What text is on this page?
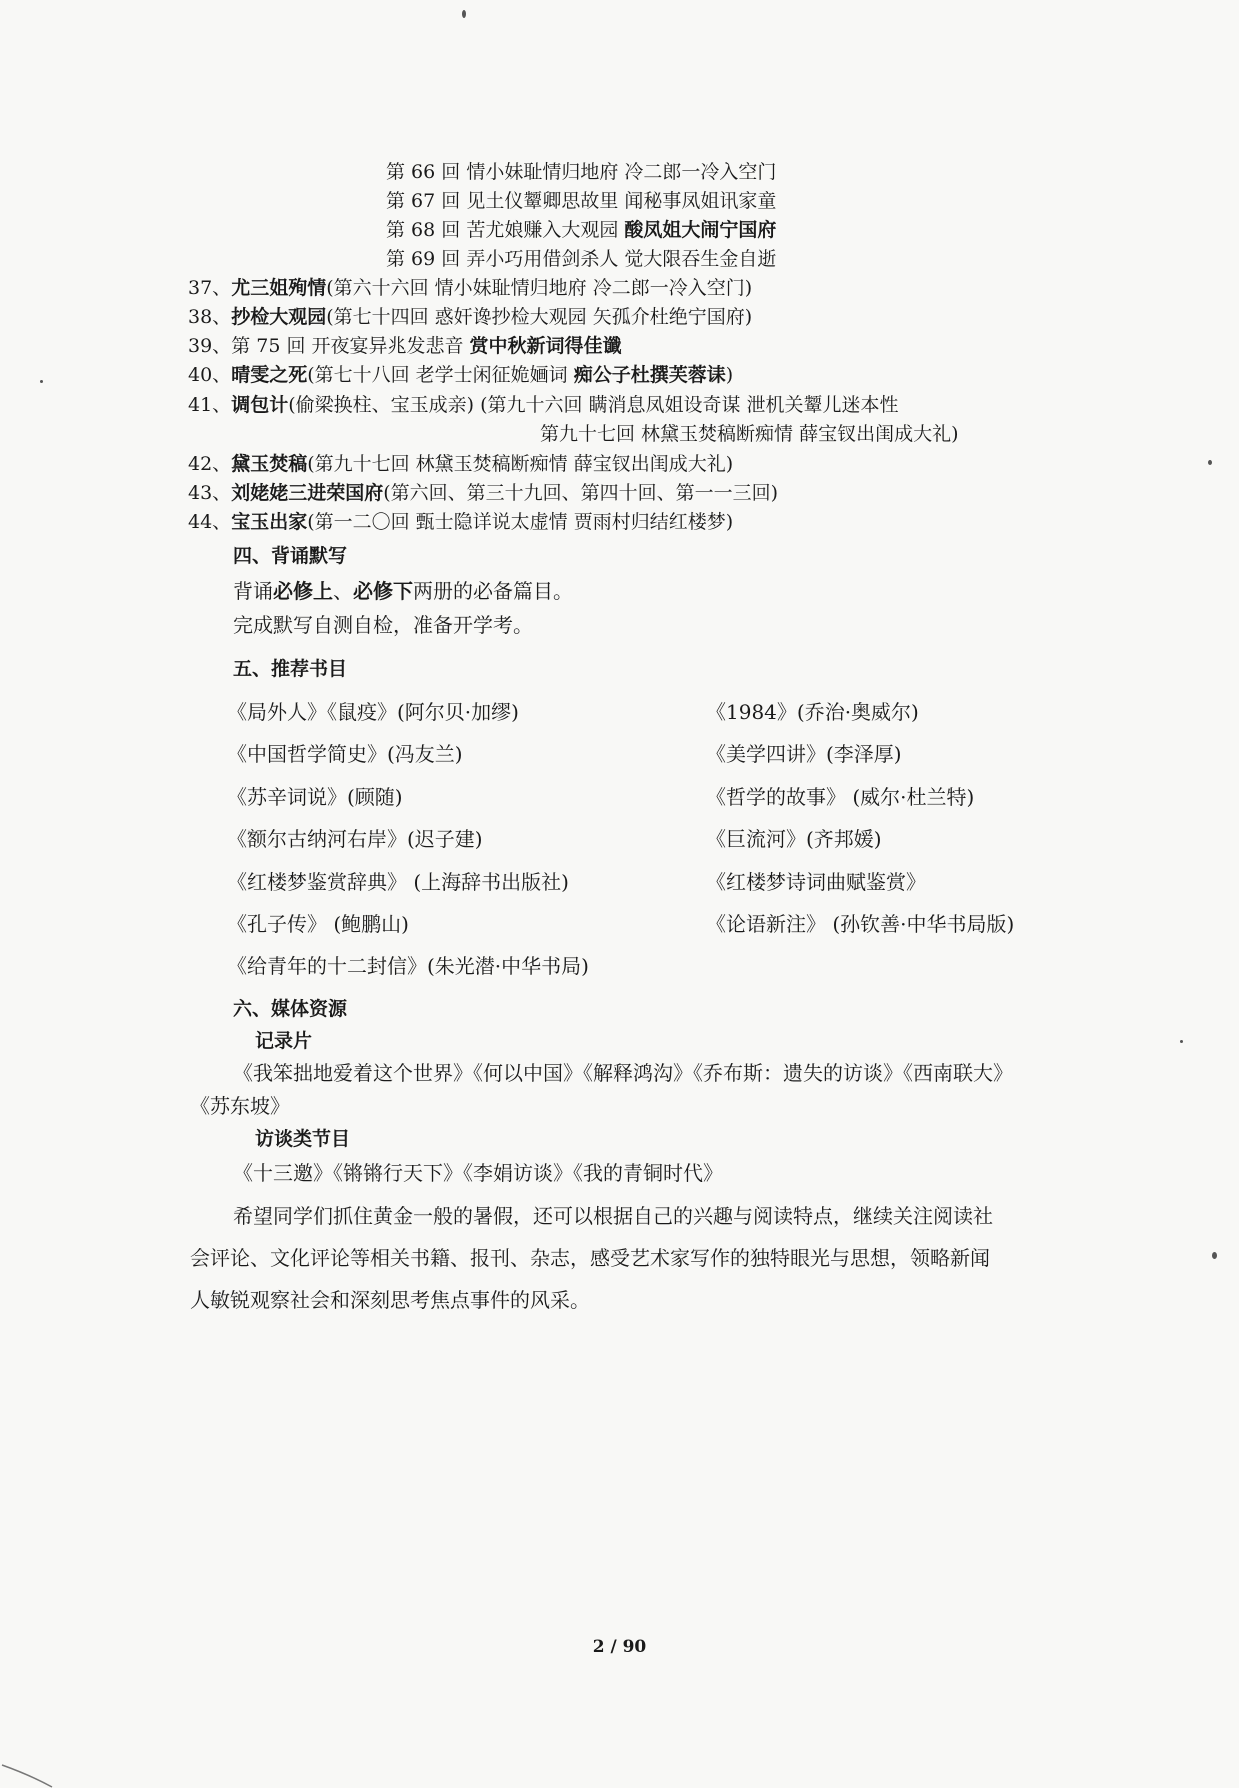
第 66 回 情小妹耻情归地府 冷二郎一冷入空门
第 67 回 见土仪颦卿思故里 闻秘事凤姐讯家童
第 68 回 苦尤娘赚入大观园 酸凤姐大闹宁国府
第 69 回 弄小巧用借剑杀人 觉大限吞生金自逝
37、尤三姐殉情(第六十六回 情小妹耻情归地府 冷二郎一冷入空门)
38、抄检大观园(第七十四回 惑奸谗抄检大观园 矢孤介杜绝宁国府)
39、第 75 回 开夜宴异兆发悲音 赏中秋新词得佳谶
40、晴雯之死(第七十八回 老学士闲征姽婳词 痴公子杜撰芙蓉诔)
41、调包计(偷梁换柱、宝玉成亲) (第九十六回 瞒消息凤姐设奇谋 泄机关颦儿迷本性
第九十七回 林黛玉焚稿断痴情 薛宝钗出闺成大礼)
42、黛玉焚稿(第九十七回 林黛玉焚稿断痴情 薛宝钗出闺成大礼)
43、刘姥姥三进荣国府(第六回、第三十九回、第四十回、第一一三回)
44、宝玉出家(第一二〇回 甄士隐详说太虚情 贾雨村归结红楼梦)
四、背诵默写
背诵必修上、必修下两册的必备篇目。
完成默写自测自检，准备开学考。
五、推荐书目
《局外人》《鼠疫》(阿尔贝·加缪)
《中国哲学简史》(冯友兰)
《苏辛词说》(顾随)
《额尔古纳河右岸》(迟子建)
《红楼梦鉴赏辞典》 (上海辞书出版社)
《孔子传》 (鲍鹏山)
《给青年的十二封信》(朱光潜·中华书局)
《1984》(乔治·奥威尔)
《美学四讲》(李泽厚)
《哲学的故事》 (威尔·杜兰特)
《巨流河》(齐邦媛)
《红楼梦诗词曲赋鉴赏》
《论语新注》 (孙钦善·中华书局版)
六、媒体资源
记录片
《我笨拙地爱着这个世界》《何以中国》《解释鸿沟》《乔布斯：遗失的访谈》《西南联大》
《苏东坡》
访谈类节目
《十三邀》《锵锵行天下》《李娟访谈》《我的青铜时代》
希望同学们抓住黄金一般的暑假，还可以根据自己的兴趣与阅读特点，继续关注阅读社
会评论、文化评论等相关书籍、报刊、杂志，感受艺术家写作的独特眼光与思想，领略新闻
人敏锐观察社会和深刻思考焦点事件的风采。
2 / 90
